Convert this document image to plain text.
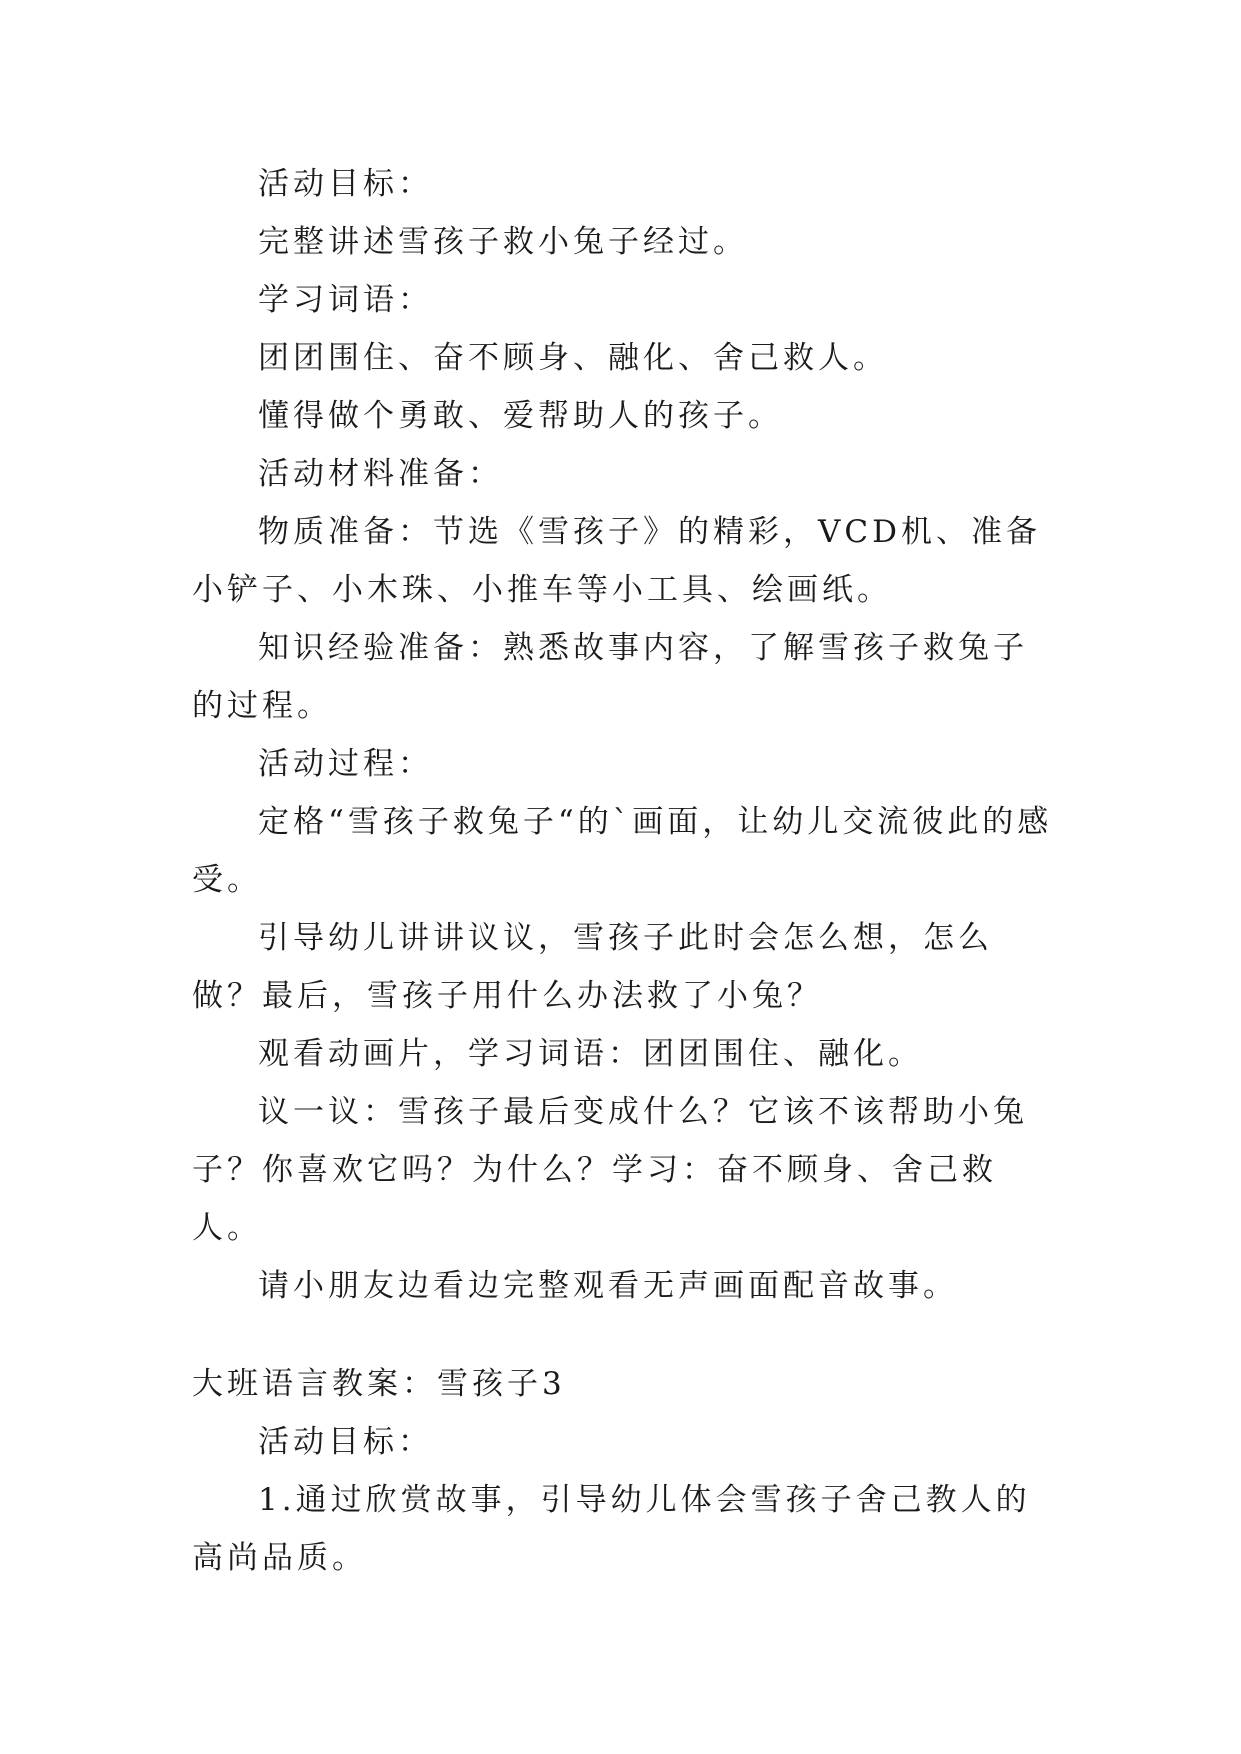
活动目标：

完整讲述雪孩子救小兔子经过。

学习词语：

团团围住、奋不顾身、融化、舍己救人。

懂得做个勇敢、爱帮助人的孩子。

活动材料准备：

物质准备：节选《雪孩子》的精彩，VCD机、准备小铲子、小木珠、小推车等小工具、绘画纸。

知识经验准备：熟悉故事内容，了解雪孩子救兔子的过程。

活动过程：

定格“雪孩子救兔子“的`画面，让幼儿交流彼此的感受。

引导幼儿讲讲议议，雪孩子此时会怎么想，怎么做？最后，雪孩子用什么办法救了小兔？

观看动画片，学习词语：团团围住、融化。

议一议：雪孩子最后变成什么？它该不该帮助小兔子？你喜欢它吗？为什么？学习：奋不顾身、舍己救人。

请小朋友边看边完整观看无声画面配音故事。

大班语言教案：雪孩子3

活动目标：

1.通过欣赏故事，引导幼儿体会雪孩子舍己教人的高尚品质。
